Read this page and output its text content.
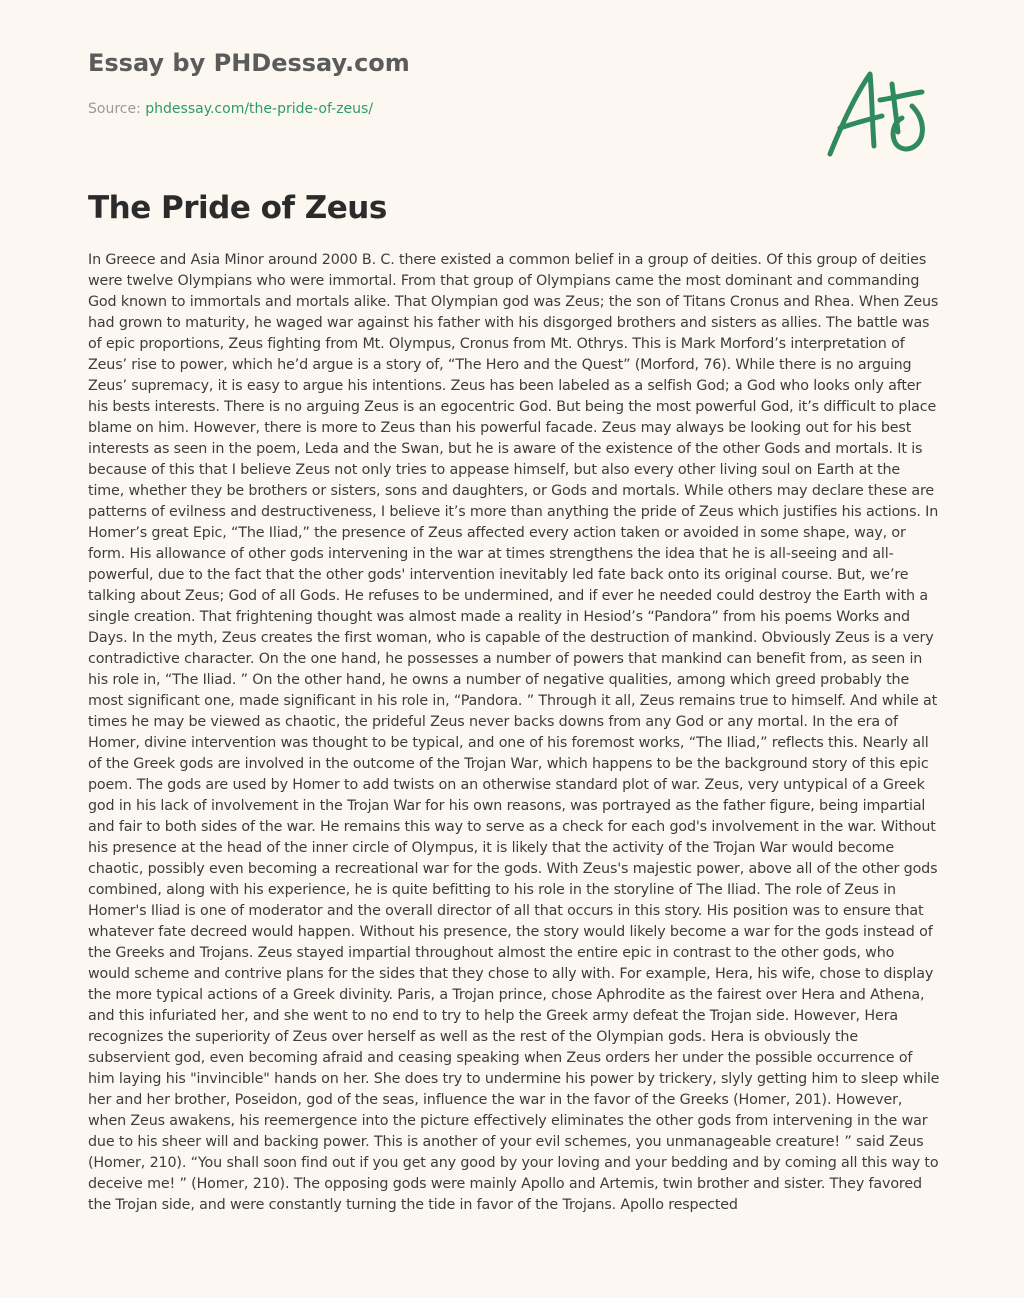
Essay by PHDessay.com
Source: phdessay.com/the-pride-of-zeus/
The Pride of Zeus

In Greece and Asia Minor around 2000 B. C. there existed a common belief in a group of deities. Of this group of deities were twelve Olympians who were immortal. From that group of Olympians came the most dominant and commanding God known to immortals and mortals alike. That Olympian god was Zeus; the son of Titans Cronus and Rhea. When Zeus had grown to maturity, he waged war against his father with his disgorged brothers and sisters as allies. The battle was of epic proportions, Zeus fighting from Mt. Olympus, Cronus from Mt. Othrys. This is Mark Morford’s interpretation of Zeus’ rise to power, which he’d argue is a story of, “The Hero and the Quest” (Morford, 76). While there is no arguing Zeus’ supremacy, it is easy to argue his intentions. Zeus has been labeled as a selfish God; a God who looks only after his bests interests. There is no arguing Zeus is an egocentric God. But being the most powerful God, it’s difficult to place blame on him. However, there is more to Zeus than his powerful facade. Zeus may always be looking out for his best interests as seen in the poem, Leda and the Swan, but he is aware of the existence of the other Gods and mortals. It is because of this that I believe Zeus not only tries to appease himself, but also every other living soul on Earth at the time, whether they be brothers or sisters, sons and daughters, or Gods and mortals. While others may declare these are patterns of evilness and destructiveness, I believe it’s more than anything the pride of Zeus which justifies his actions. In Homer’s great Epic, “The Iliad,” the presence of Zeus affected every action taken or avoided in some shape, way, or form. His allowance of other gods intervening in the war at times strengthens the idea that he is all-seeing and all-powerful, due to the fact that the other gods' intervention inevitably led fate back onto its original course. But, we’re talking about Zeus; God of all Gods. He refuses to be undermined, and if ever he needed could destroy the Earth with a single creation. That frightening thought was almost made a reality in Hesiod’s “Pandora” from his poems Works and Days. In the myth, Zeus creates the first woman, who is capable of the destruction of mankind. Obviously Zeus is a very contradictive character. On the one hand, he possesses a number of powers that mankind can benefit from, as seen in his role in, “The Iliad. ” On the other hand, he owns a number of negative qualities, among which greed probably the most significant one, made significant in his role in, “Pandora. ” Through it all, Zeus remains true to himself. And while at times he may be viewed as chaotic, the prideful Zeus never backs downs from any God or any mortal. In the era of Homer, divine intervention was thought to be typical, and one of his foremost works, “The Iliad,” reflects this. Nearly all of the Greek gods are involved in the outcome of the Trojan War, which happens to be the background story of this epic poem. The gods are used by Homer to add twists on an otherwise standard plot of war. Zeus, very untypical of a Greek god in his lack of involvement in the Trojan War for his own reasons, was portrayed as the father figure, being impartial and fair to both sides of the war. He remains this way to serve as a check for each god's involvement in the war. Without his presence at the head of the inner circle of Olympus, it is likely that the activity of the Trojan War would become chaotic, possibly even becoming a recreational war for the gods. With Zeus's majestic power, above all of the other gods combined, along with his experience, he is quite befitting to his role in the storyline of The Iliad. The role of Zeus in Homer's Iliad is one of moderator and the overall director of all that occurs in this story. His position was to ensure that whatever fate decreed would happen. Without his presence, the story would likely become a war for the gods instead of the Greeks and Trojans. Zeus stayed impartial throughout almost the entire epic in contrast to the other gods, who would scheme and contrive plans for the sides that they chose to ally with. For example, Hera, his wife, chose to display the more typical actions of a Greek divinity. Paris, a Trojan prince, chose Aphrodite as the fairest over Hera and Athena, and this infuriated her, and she went to no end to try to help the Greek army defeat the Trojan side. However, Hera recognizes the superiority of Zeus over herself as well as the rest of the Olympian gods. Hera is obviously the subservient god, even becoming afraid and ceasing speaking when Zeus orders her under the possible occurrence of him laying his "invincible" hands on her. She does try to undermine his power by trickery, slyly getting him to sleep while her and her brother, Poseidon, god of the seas, influence the war in the favor of the Greeks (Homer, 201). However, when Zeus awakens, his reemergence into the picture effectively eliminates the other gods from intervening in the war due to his sheer will and backing power. This is another of your evil schemes, you unmanageable creature! ” said Zeus (Homer, 210). “You shall soon find out if you get any good by your loving and your bedding and by coming all this way to deceive me! ” (Homer, 210). The opposing gods were mainly Apollo and Artemis, twin brother and sister. They favored the Trojan side, and were constantly turning the tide in favor of the Trojans. Apollo respected
